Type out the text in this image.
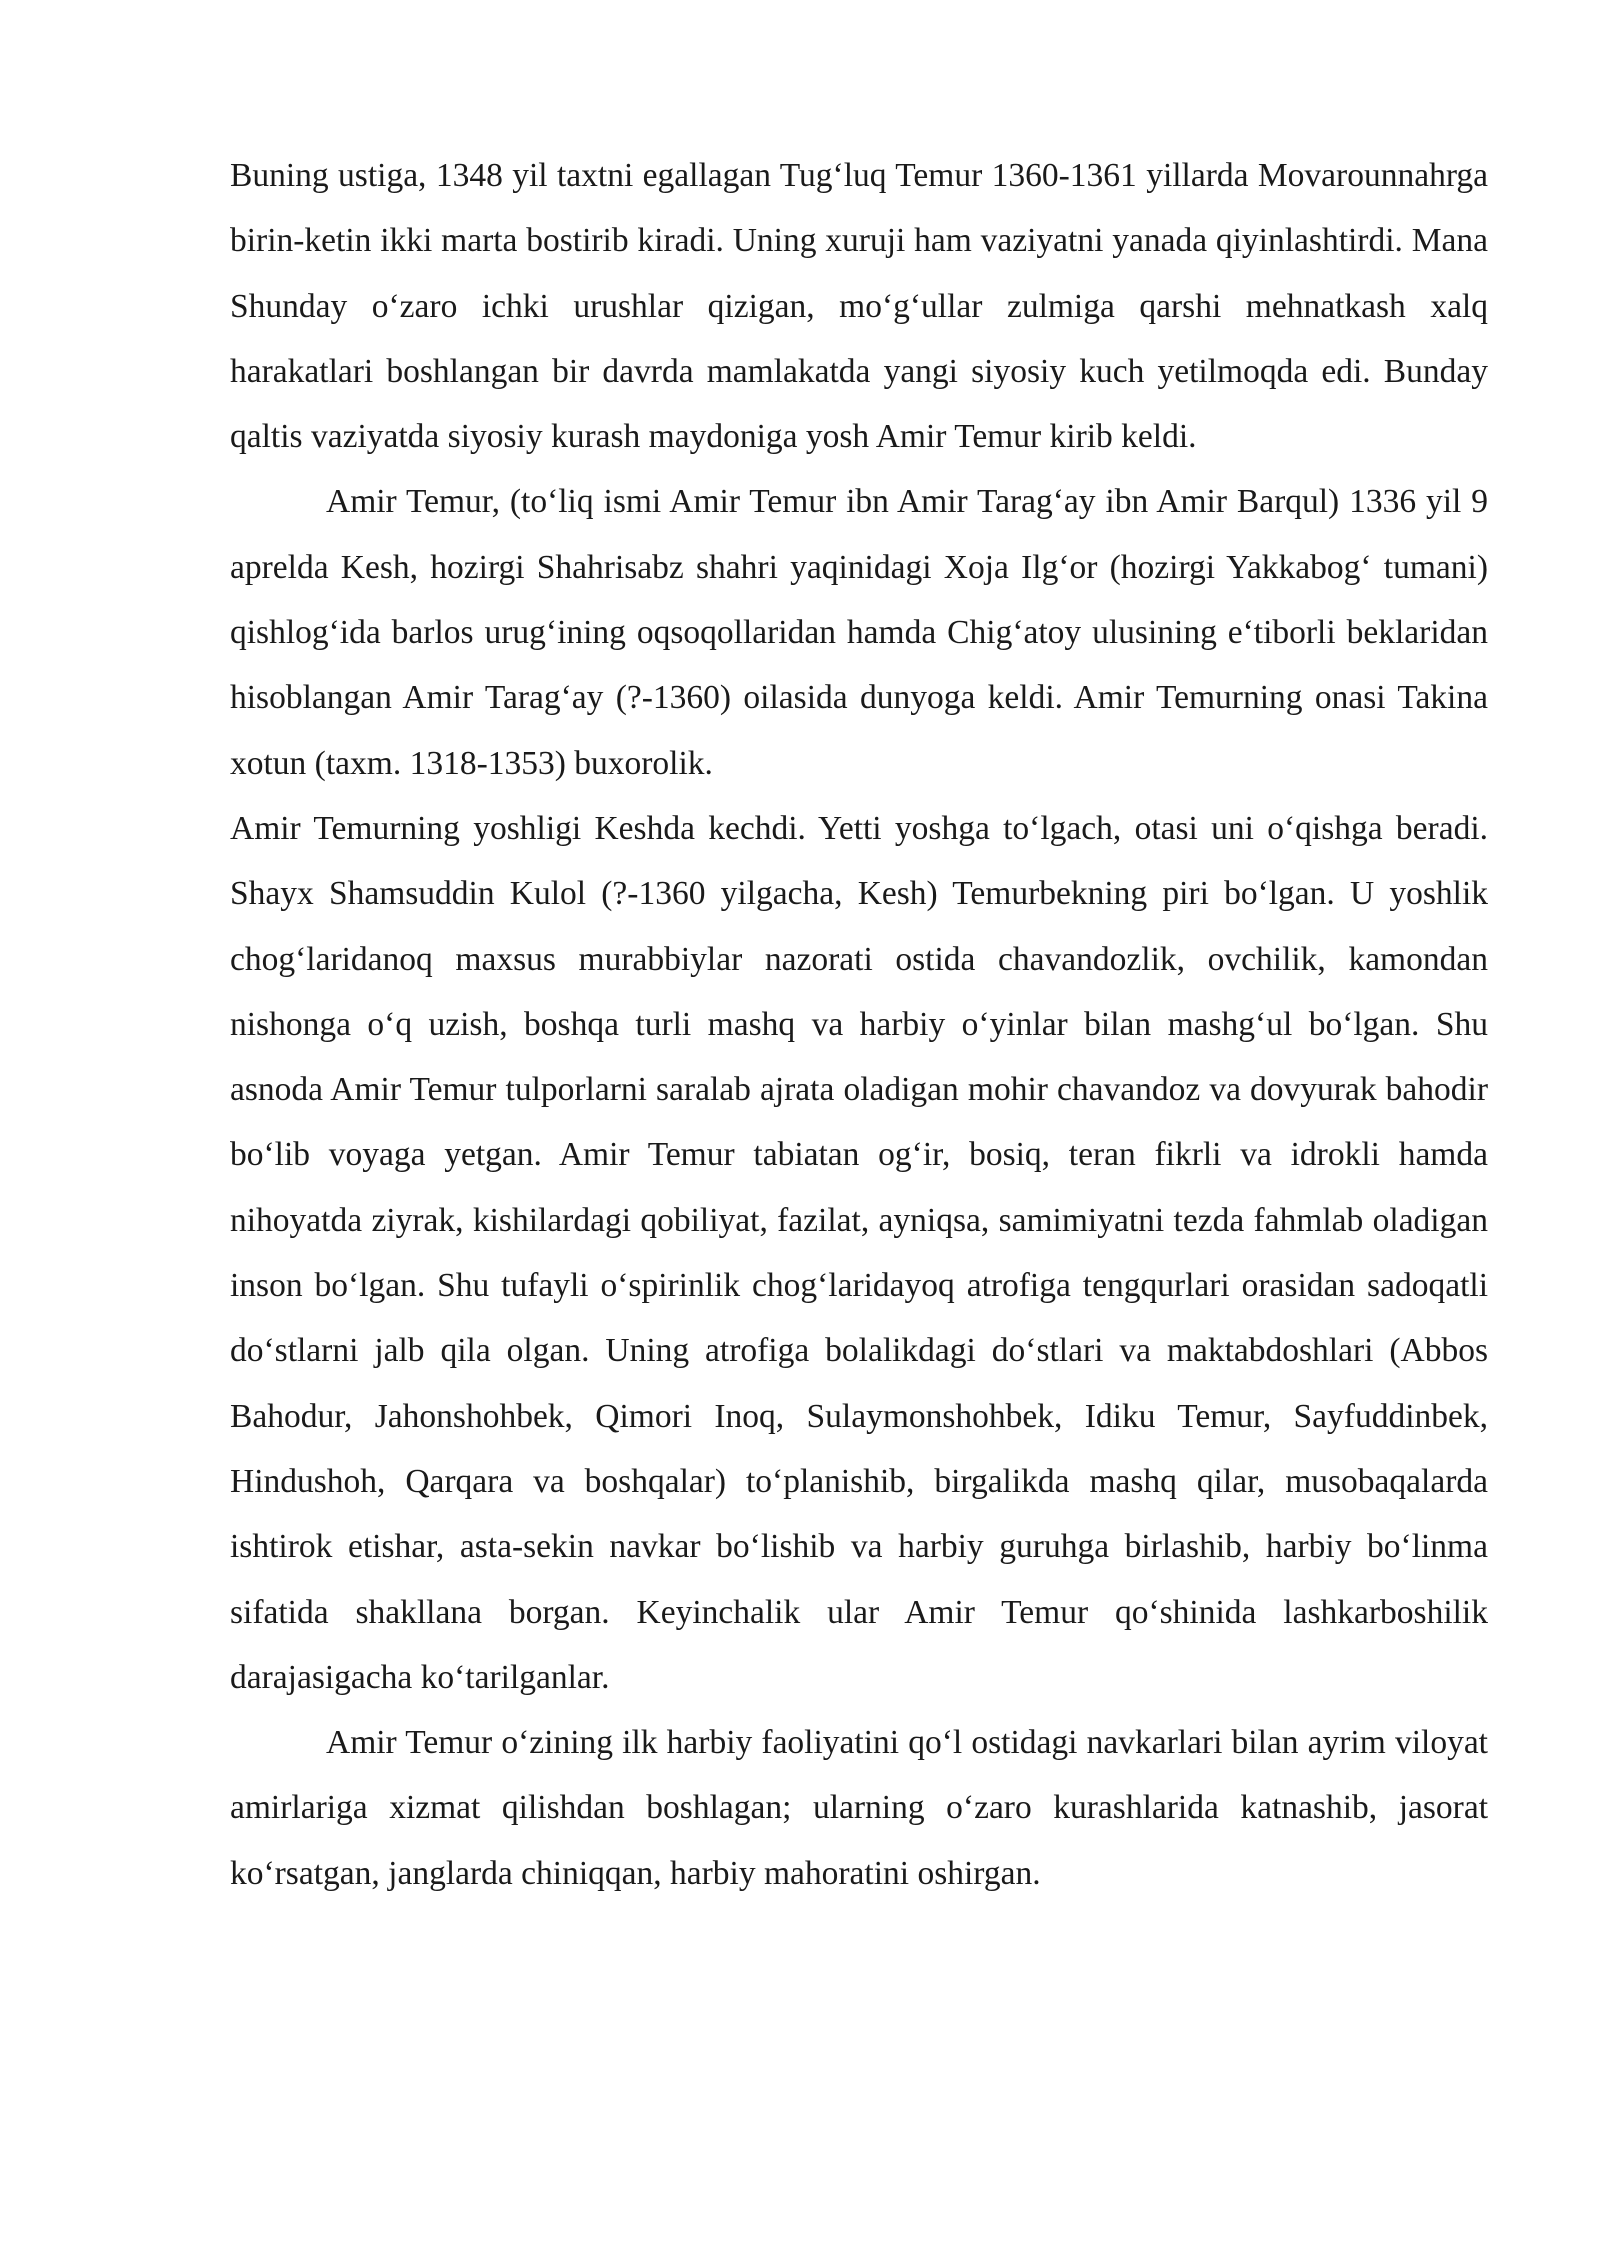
Buning ustiga, 1348 yil taxtni egallagan Tug‘luq Temur 1360-1361 yillarda Movarounnahrga birin-ketin ikki marta bostirib kiradi. Uning xuruji ham vaziyatni yanada qiyinlashtirdi. Mana Shunday o‘zaro ichki urushlar qizigan, mo‘g‘ullar zulmiga qarshi mehnatkash xalq harakatlari boshlangan bir davrda mamlakatda yangi siyosiy kuch yetilmoqda edi. Bunday qaltis vaziyatda siyosiy kurash maydoniga yosh Amir Temur kirib keldi.

Amir Temur, (to‘liq ismi Amir Temur ibn Amir Tarag‘ay ibn Amir Barqul) 1336 yil 9 aprelda Kesh, hozirgi Shahrisabz shahri yaqinidagi Xoja Ilg‘or (hozirgi Yakkabog‘ tumani) qishlog‘ida barlos urug‘ining oqsoqollaridan hamda Chig‘atoy ulusining e‘tiborli beklaridan hisoblangan Amir Tarag‘ay (?-1360) oilasida dunyoga keldi. Amir Temurning onasi Takina xotun (taxm. 1318-1353) buxorolik.

Amir Temurning yoshligi Keshda kechdi. Yetti yoshga to‘lgach, otasi uni o‘qishga beradi. Shayx Shamsuddin Kulol (?-1360 yilgacha, Kesh) Temurbekning piri bo‘lgan. U yoshlik chog‘laridanoq maxsus murabbiylar nazorati ostida chavandozlik, ovchilik, kamondan nishonga o‘q uzish, boshqa turli mashq va harbiy o‘yinlar bilan mashg‘ul bo‘lgan. Shu asnoda Amir Temur tulporlarni saralab ajrata oladigan mohir chavandoz va dovyurak bahodir bo‘lib voyaga yetgan. Amir Temur tabiatan og‘ir, bosiq, teran fikrli va idrokli hamda nihoyatda ziyrak, kishilardagi qobiliyat, fazilat, ayniqsa, samimiyatni tezda fahmlab oladigan inson bo‘lgan. Shu tufayli o‘spirinlik chog‘laridayoq atrofiga tengqurlari orasidan sadoqatli do‘stlarni jalb qila olgan. Uning atrofiga bolalikdagi do‘stlari va maktabdoshlari (Abbos Bahodur, Jahonshohbek, Qimori Inoq, Sulaymonshohbek, Idiku Temur, Sayfuddinbek, Hindushoh, Qarqara va boshqalar) to‘planishib, birgalikda mashq qilar, musobaqalarda ishtirok etishar, asta-sekin navkar bo‘lishib va harbiy guruhga birlashib, harbiy bo‘linma sifatida shakllana borgan. Keyinchalik ular Amir Temur qo‘shinida lashkarboshilik darajasigacha ko‘tarilganlar.

Amir Temur o‘zining ilk harbiy faoliyatini qo‘l ostidagi navkarlari bilan ayrim viloyat amirlariga xizmat qilishdan boshlagan; ularning o‘zaro kurashlarida katnashib, jasorat ko‘rsatgan, janglarda chiniqqan, harbiy mahoratini oshirgan.
